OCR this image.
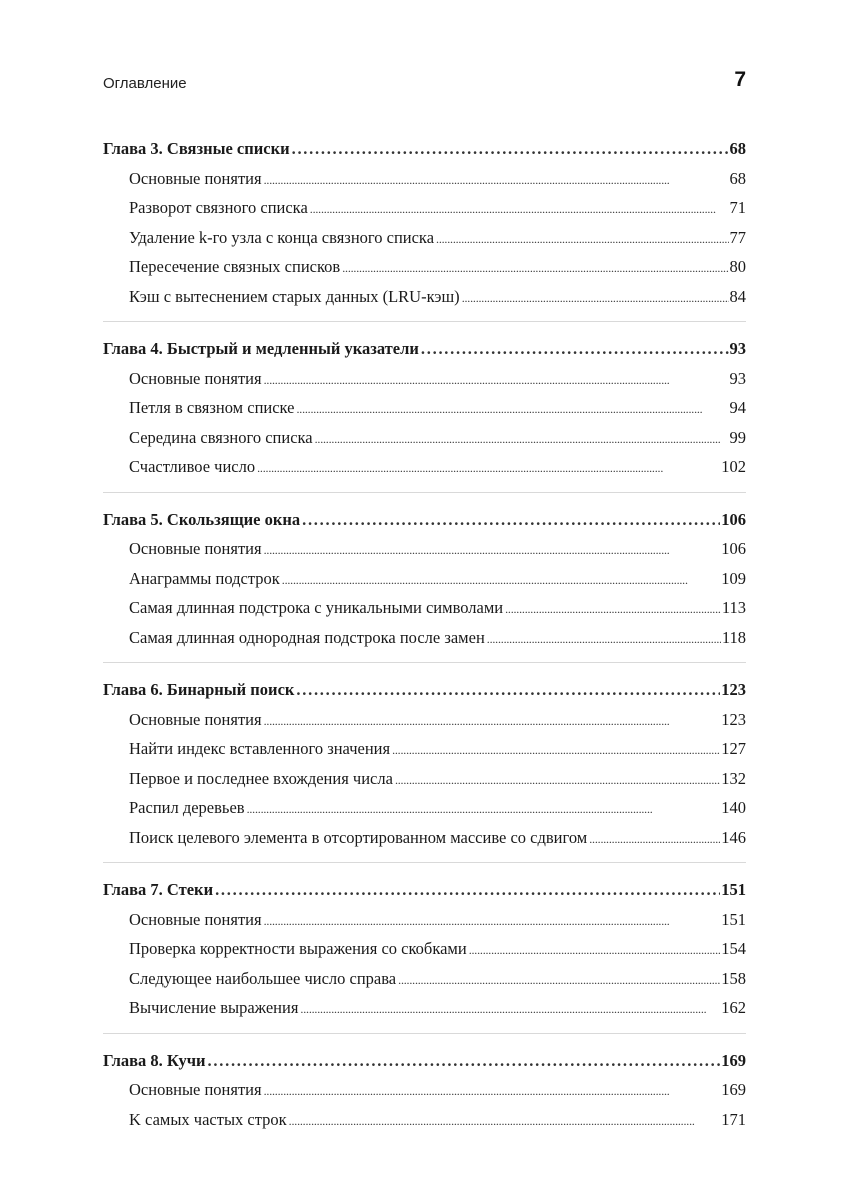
Оглавление	7
Глава 3. Связные списки . . .	68
Основные понятия . . .	68
Разворот связного списка . . .	71
Удаление k-го узла с конца связного списка . . .	77
Пересечение связных списков . . .	80
Кэш с вытеснением старых данных (LRU-кэш) . . .	84
Глава 4. Быстрый и медленный указатели . . .	93
Основные понятия . . .	93
Петля в связном списке . . .	94
Середина связного списка . . .	99
Счастливое число . . .	102
Глава 5. Скользящие окна . . .	106
Основные понятия . . .	106
Анаграммы подстрок . . .	109
Самая длинная подстрока с уникальными символами . . .	113
Самая длинная однородная подстрока после замен . . .	118
Глава 6. Бинарный поиск . . .	123
Основные понятия . . .	123
Найти индекс вставленного значения . . .	127
Первое и последнее вхождения числа . . .	132
Распил деревьев . . .	140
Поиск целевого элемента в отсортированном массиве со сдвигом . . .	146
Глава 7. Стеки . . .	151
Основные понятия . . .	151
Проверка корректности выражения со скобками . . .	154
Следующее наибольшее число справа . . .	158
Вычисление выражения . . .	162
Глава 8. Кучи . . .	169
Основные понятия . . .	169
K самых частых строк . . .	171
